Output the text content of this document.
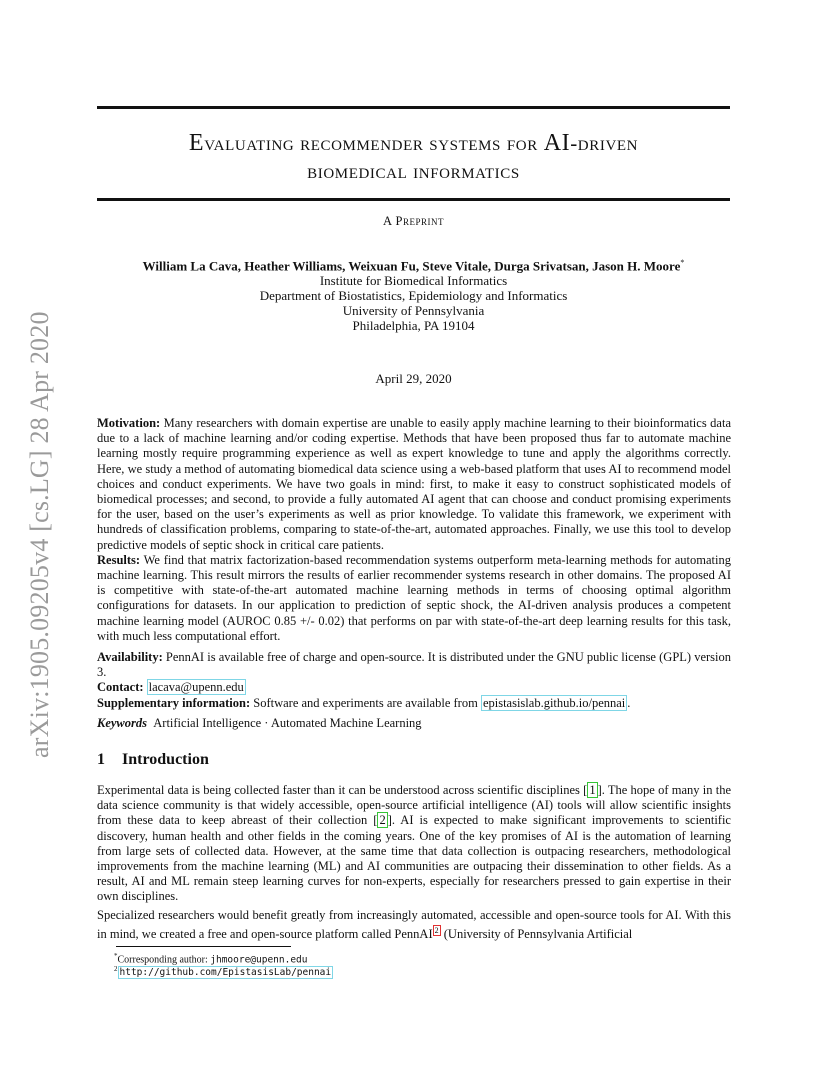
arXiv:1905.09205v4 [cs.LG] 28 Apr 2020
Evaluating recommender systems for AI-driven
biomedical informatics
A Preprint
William La Cava, Heather Williams, Weixuan Fu, Steve Vitale, Durga Srivatsan, Jason H. Moore*
Institute for Biomedical Informatics
Department of Biostatistics, Epidemiology and Informatics
University of Pennsylvania
Philadelphia, PA 19104
April 29, 2020

Motivation: Many researchers with domain expertise are unable to easily apply machine learning to their bioinformatics data due to a lack of machine learning and/or coding expertise. Methods that have been proposed thus far to automate machine learning mostly require programming experience as well as expert knowledge to tune and apply the algorithms correctly. Here, we study a method of automating biomedical data science using a web-based platform that uses AI to recommend model choices and conduct experiments. We have two goals in mind: first, to make it easy to construct sophisticated models of biomedical processes; and second, to provide a fully automated AI agent that can choose and conduct promising experiments for the user, based on the user’s experiments as well as prior knowledge. To validate this framework, we experiment with hundreds of classification problems, comparing to state-of-the-art, automated approaches. Finally, we use this tool to develop predictive models of septic shock in critical care patients.

Results: We find that matrix factorization-based recommendation systems outperform meta-learning methods for automating machine learning. This result mirrors the results of earlier recommender systems research in other domains. The proposed AI is competitive with state-of-the-art automated machine learning methods in terms of choosing optimal algorithm configurations for datasets. In our application to prediction of septic shock, the AI-driven analysis produces a competent machine learning model (AUROC 0.85 +/- 0.02) that performs on par with state-of-the-art deep learning results for this task, with much less computational effort.

Availability: PennAI is available free of charge and open-source. It is distributed under the GNU public license (GPL) version 3.

Contact: lacava@upenn.edu

Supplementary information: Software and experiments are available from epistasislab.github.io/pennai .

Keywords Artificial Intelligence · Automated Machine Learning
1 Introduction
Experimental data is being collected faster than it can be understood across scientific disciplines [ 1 ]. The hope of many in the data science community is that widely accessible, open-source artificial intelligence (AI) tools will allow scientific insights from these data to keep abreast of their collection [ 2 ]. AI is expected to make significant improvements to scientific discovery, human health and other fields in the coming years. One of the key promises of AI is the automation of learning from large sets of collected data. However, at the same time that data collection is outpacing researchers, methodological improvements from the machine learning (ML) and AI communities are outpacing their dissemination to other fields. As a result, AI and ML remain steep learning curves for non-experts, especially for researchers pressed to gain expertise in their own disciplines.
Specialized researchers would benefit greatly from increasingly automated, accessible and open-source tools for AI. With this in mind, we created a free and open-source platform called PennAI $^2$ (University of Pennsylvania Artificial
*Corresponding author: jhmoore@upenn.edu
$^2$ http://github.com/EpistasisLab/pennai
